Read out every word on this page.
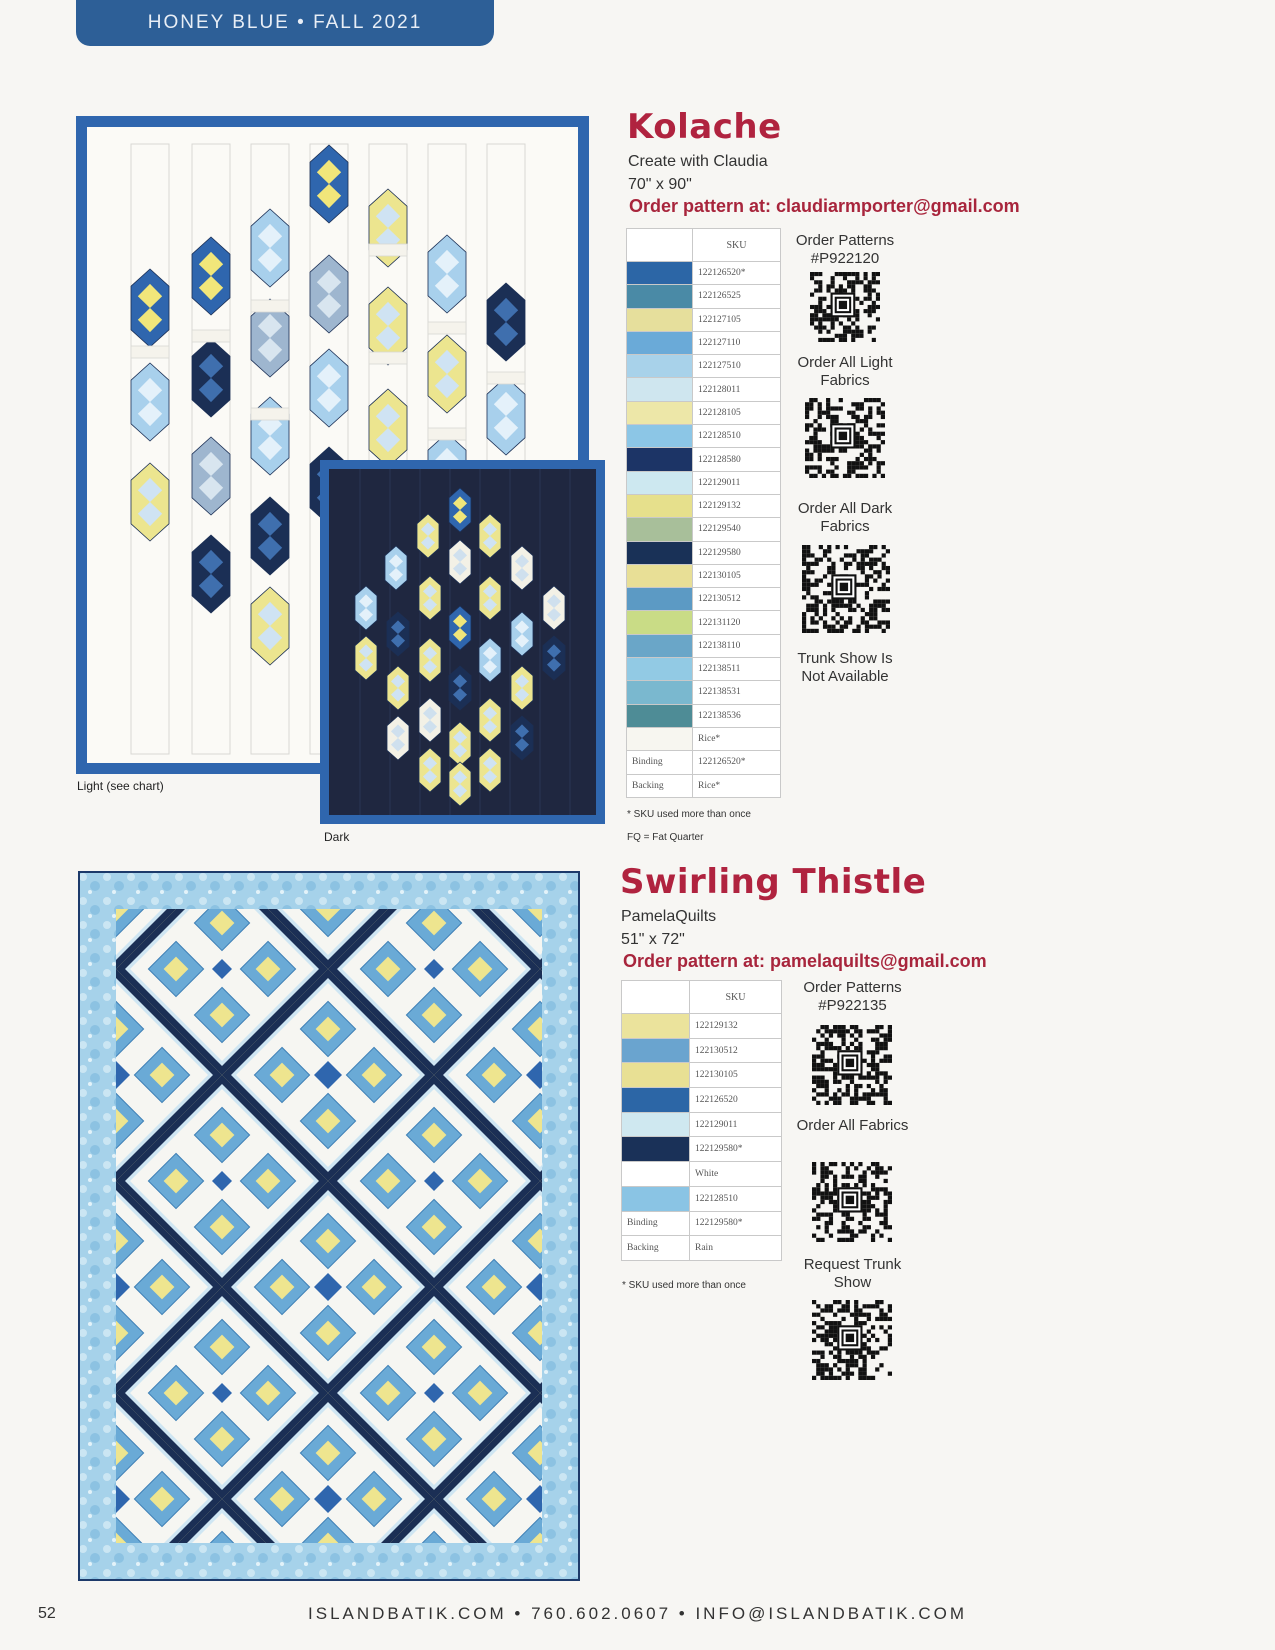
HONEY BLUE • FALL 2021
Light (see chart)
Dark
Kolache
Create with Claudia
70" x 90"
Order pattern at: claudiarmporter@gmail.com
	SKU
	122126520*
	122126525
	122127105
	122127110
	122127510
	122128011
	122128105
	122128510
	122128580
	122129011
	122129132
	122129540
	122129580
	122130105
	122130512
	122131120
	122138110
	122138511
	122138531
	122138536
	Rice*
Binding	122126520*
Backing	Rice*
* SKU used more than once
FQ = Fat Quarter
Order Patterns #P922120
Order All Light Fabrics
Order All Dark Fabrics
Trunk Show Is Not Available
Swirling Thistle
PamelaQuilts
51" x 72"
Order pattern at: pamelaquilts@gmail.com
	SKU
	122129132
	122130512
	122130105
	122126520
	122129011
	122129580*
	White
	122128510
Binding	122129580*
Backing	Rain
* SKU used more than once
Order Patterns #P922135
Order All Fabrics
Request Trunk Show
52	ISLANDBATIK.COM • 760.602.0607 • INFO@ISLANDBATIK.COM
